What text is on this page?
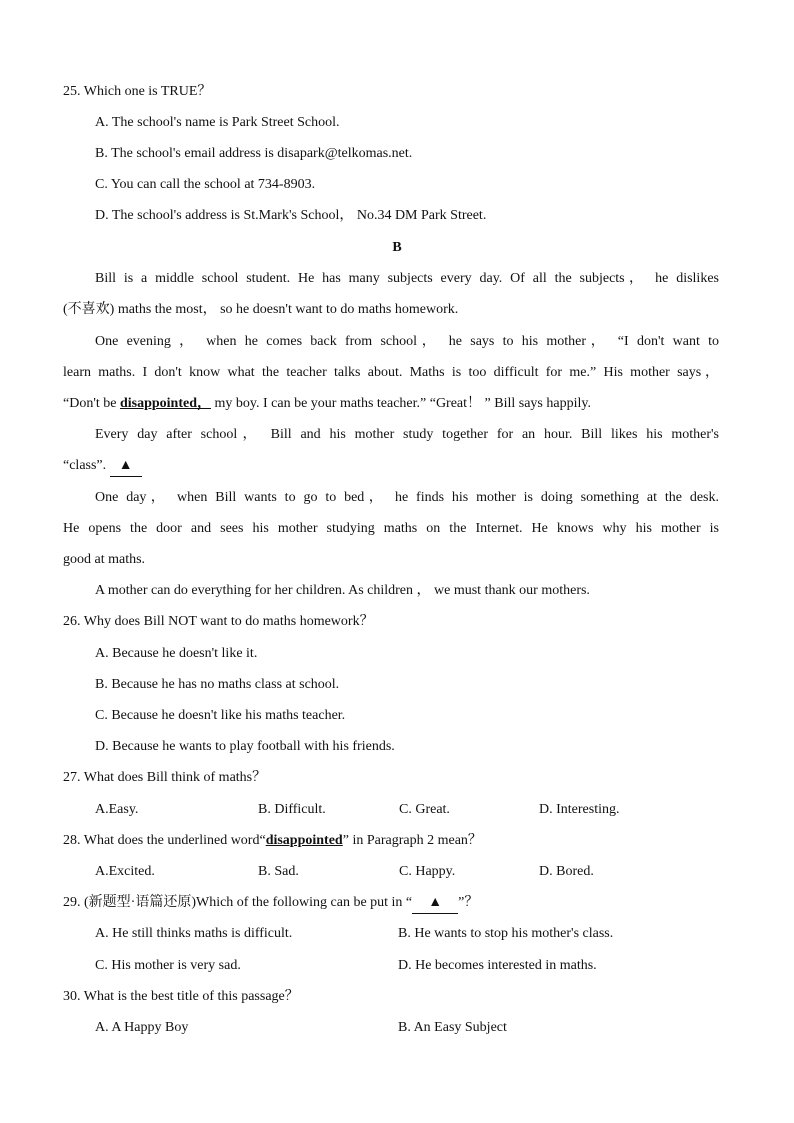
25. Which one is TRUE？
A. The school's name is Park Street School.
B. The school's email address is disapark@telkomas.net.
C. You can call the school at 734-8903.
D. The school's address is St.Mark's School， No.34 DM Park Street.
B
Bill is a middle school student. He has many subjects every day. Of all the subjects， he dislikes
(不喜欢) maths the most， so he doesn't want to do maths homework.
One evening ， when he comes back from school， he says to his mother， “I don't want to
learn maths. I don't know what the teacher talks about. Maths is too difficult for me.” His mother says，
“Don't be disappointed， my boy. I can be your maths teacher.” “Great！ ” Bill says happily.
Every day after school， Bill and his mother study together for an hour. Bill likes his mother's
“class”. ▲
One day， when Bill wants to go to bed， he finds his mother is doing something at the desk.
He opens the door and sees his mother studying maths on the Internet. He knows why his mother is
good at maths.
A mother can do everything for her children. As children ， we must thank our mothers.
26. Why does Bill NOT want to do maths homework？
A. Because he doesn't like it.
B. Because he has no maths class at school.
C. Because he doesn't like his maths teacher.
D. Because he wants to play football with his friends.
27. What does Bill think of maths？
A.Easy.	B. Difficult.	C. Great.	D. Interesting.
28. What does the underlined word“disappointed” in Paragraph 2 mean？
A.Excited.	B. Sad.	C. Happy.	D. Bored.
29. (新题型·语篇还原)Which of the following can be put in “ ▲ ”？
A. He still thinks maths is difficult.	B. He wants to stop his mother's class.
C. His mother is very sad.	D. He becomes interested in maths.
30. What is the best title of this passage？
A. A Happy Boy	B. An Easy Subject
